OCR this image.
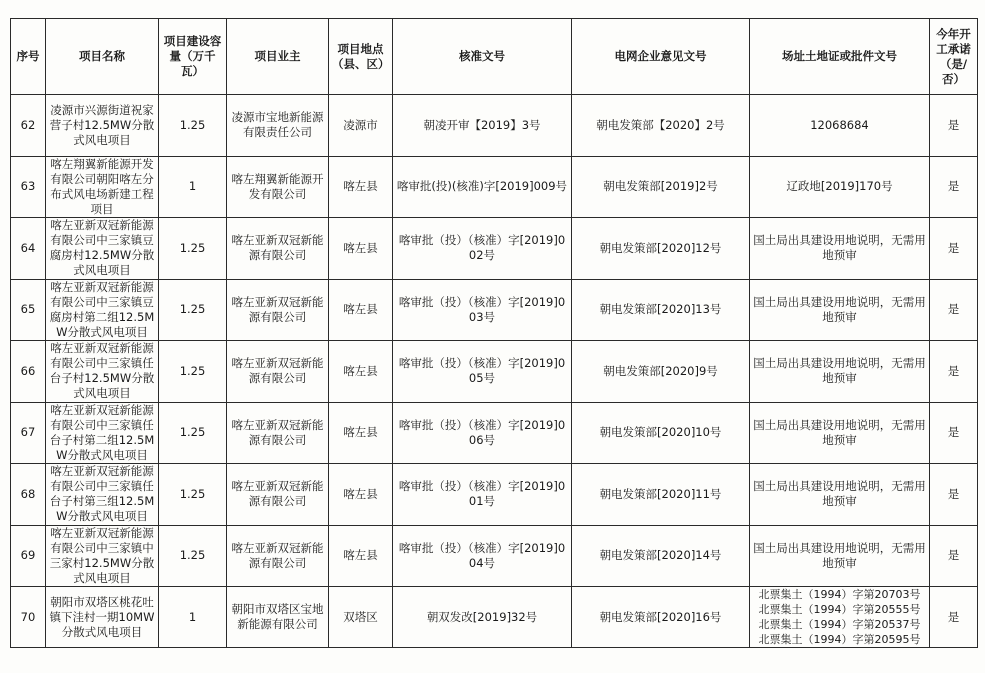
序号	项目名称	项目建设容量（万千瓦）	项目业主	项目地点（县、区）	核准文号	电网企业意见文号	场址土地证或批件文号	今年开工承诺（是/否）
62	凌源市兴源街道祝家营子村12.5MW分散式风电项目	1.25	凌源市宝地新能源有限责任公司	凌源市	朝凌开审【2019】3号	朝电发策部【2020】2号	12068684	是
63	喀左翔翼新能源开发有限公司朝阳喀左分布式风电场新建工程项目	1	喀左翔翼新能源开发有限公司	喀左县	喀审批(投)(核准)字[2019]009号	朝电发策部[2019]2号	辽政地[2019]170号	是
64	喀左亚新双冠新能源有限公司中三家镇豆腐房村12.5MW分散式风电项目	1.25	喀左亚新双冠新能源有限公司	喀左县	喀审批（投）（核准）字[2019]002号	朝电发策部[2020]12号	国土局出具建设用地说明，无需用地预审	是
65	喀左亚新双冠新能源有限公司中三家镇豆腐房村第二组12.5MW分散式风电项目	1.25	喀左亚新双冠新能源有限公司	喀左县	喀审批（投）（核准）字[2019]003号	朝电发策部[2020]13号	国土局出具建设用地说明，无需用地预审	是
66	喀左亚新双冠新能源有限公司中三家镇任台子村12.5MW分散式风电项目	1.25	喀左亚新双冠新能源有限公司	喀左县	喀审批（投）（核准）字[2019]005号	朝电发策部[2020]9号	国土局出具建设用地说明，无需用地预审	是
67	喀左亚新双冠新能源有限公司中三家镇任台子村第二组12.5MW分散式风电项目	1.25	喀左亚新双冠新能源有限公司	喀左县	喀审批（投）（核准）字[2019]006号	朝电发策部[2020]10号	国土局出具建设用地说明，无需用地预审	是
68	喀左亚新双冠新能源有限公司中三家镇任台子村第三组12.5MW分散式风电项目	1.25	喀左亚新双冠新能源有限公司	喀左县	喀审批（投）（核准）字[2019]001号	朝电发策部[2020]11号	国土局出具建设用地说明，无需用地预审	是
69	喀左亚新双冠新能源有限公司中三家镇中三家村12.5MW分散式风电项目	1.25	喀左亚新双冠新能源有限公司	喀左县	喀审批（投）（核准）字[2019]004号	朝电发策部[2020]14号	国土局出具建设用地说明，无需用地预审	是
70	朝阳市双塔区桃花吐镇下洼村一期10MW分散式风电项目	1	朝阳市双塔区宝地新能源有限公司	双塔区	朝双发改[2019]32号	朝电发策部[2020]16号	北票集土（1994）字第20703号
北票集土（1994）字第20555号
北票集土（1994）字第20537号
北票集土（1994）字第20595号	是
